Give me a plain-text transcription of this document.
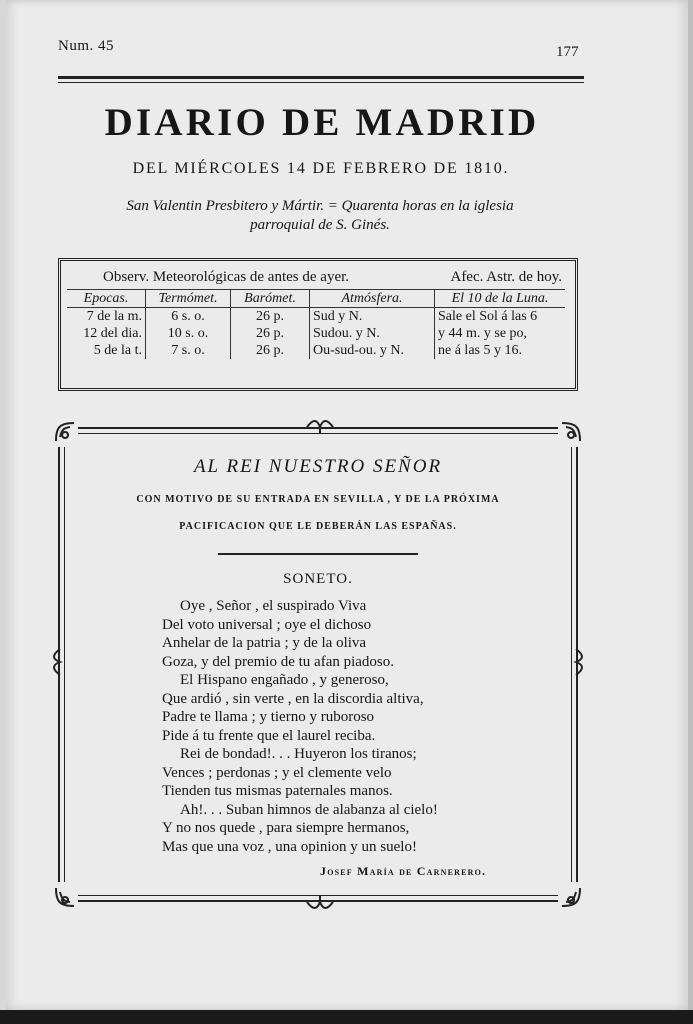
Num. 45	177
DIARIO DE MADRID
DEL MIÉRCOLES 14 DE FEBRERO DE 1810.
San Valentin Presbitero y Mártir. = Quarenta horas en la iglesia
parroquial de S. Ginés.
Observ. Meteorológicas de antes de ayer.				Afec. Astr. de hoy.
Epocas.	Termómet.	Barómet.	Atmósfera.	El 10 de la Luna.
7 de la m.	6 s. o.	26 p.	Sud y N.	Sale el Sol á las 6
12 del dia.	10 s. o.	26 p.	Sudou. y N.	y 44 m. y se po,
5 de la t.	7 s. o.	26 p.	Ou-sud-ou. y N.	ne á las 5 y 16.
AL REI NUESTRO SEÑOR
CON MOTIVO DE SU ENTRADA EN SEVILLA , Y DE LA PRÓXIMA
PACIFICACION QUE LE DEBERÁN LAS ESPAÑAS.
SONETO.
Oye , Señor , el suspirado Viva
Del voto universal ; oye el dichoso
Anhelar de la patria ; y de la oliva
Goza, y del premio de tu afan piadoso.
El Hispano engañado , y generoso,
Que ardió , sin verte , en la discordia altiva,
Padre te llama ; y tierno y ruboroso
Pide á tu frente que el laurel reciba.
Rei de bondad!. . . Huyeron los tiranos;
Vences ; perdonas ; y el clemente velo
Tienden tus mismas paternales manos.
Ah!. . . Suban himnos de alabanza al cielo!
Y no nos quede , para siempre hermanos,
Mas que una voz , una opinion y un suelo!
Josef María de Carnerero.
